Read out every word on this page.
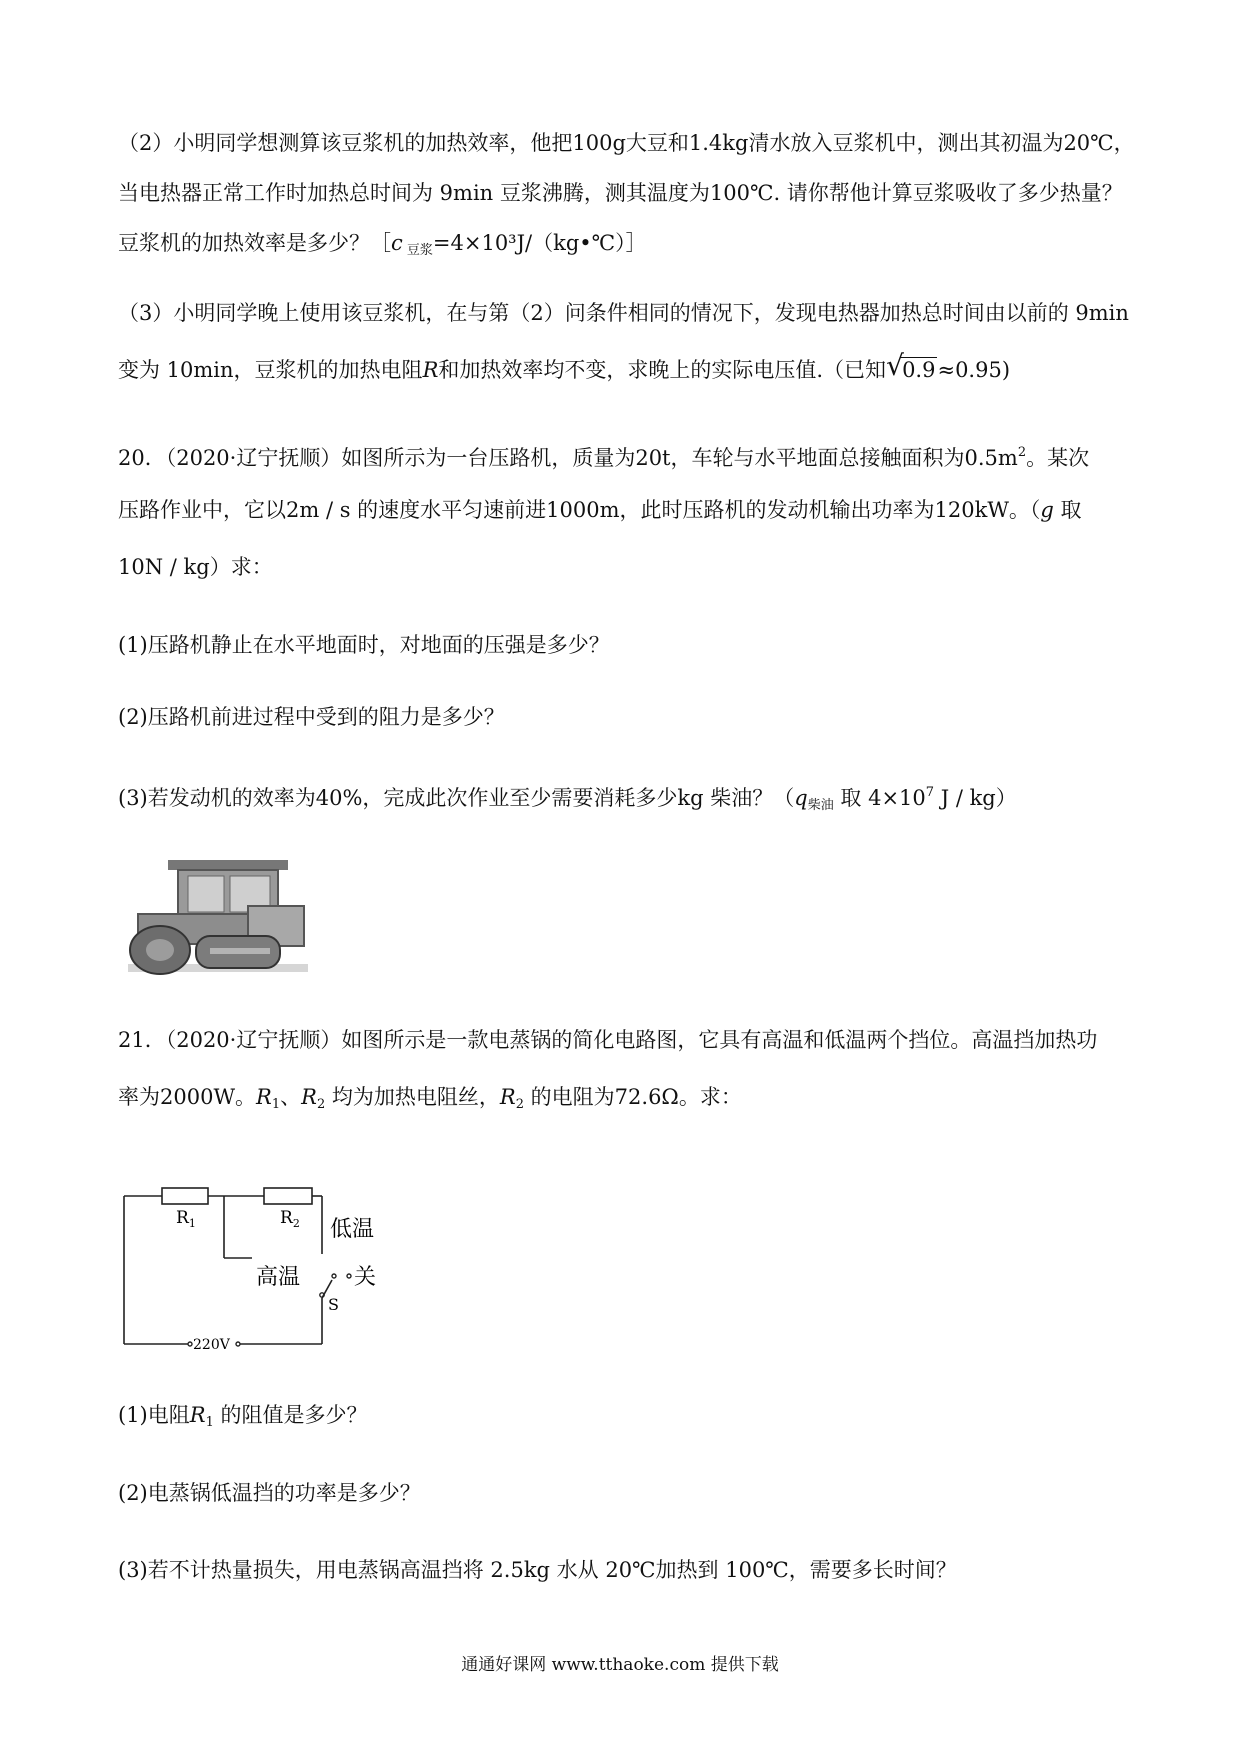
（2）小明同学想测算该豆浆机的加热效率，他把100g大豆和1.4kg清水放入豆浆机中，测出其初温为20℃，
当电热器正常工作时加热总时间为 9min 豆浆沸腾，测其温度为100℃. 请你帮他计算豆浆吸收了多少热量？
豆浆机的加热效率是多少？［c $_{豆浆}$=4×10³J/（kg•℃）］
（3）小明同学晚上使用该豆浆机，在与第（2）问条件相同的情况下，发现电热器加热总时间由以前的 9min
变为 10min，豆浆机的加热电阻R和加热效率均不变，求晚上的实际电压值.（已知 √
0.9≈0.95)
20．（2020·辽宁抚顺）如图所示为一台压路机，质量为20t，车轮与水平地面总接触面积为$0.5m^2$。某次
压路作业中，它以2m / s 的速度水平匀速前进1000m，此时压路机的发动机输出功率为120kW。（g 取
10N / kg）求：
(1)压路机静止在水平地面时，对地面的压强是多少？
(2)压路机前进过程中受到的阻力是多少？
(3)若发动机的效率为40%，完成此次作业至少需要消耗多少kg 柴油？（$q_{柴油}$ 取 $4\times 10^7$ J / kg）
21．（2020·辽宁抚顺）如图所示是一款电蒸锅的简化电路图，它具有高温和低温两个挡位。高温挡加热功
率为2000W。$R_1$、$R_2$ 均为加热电阻丝，$R_2$ 的电阻为72.6Ω。求：
$R_1$	$R_2$ 低温
高温 关
S
220V
(1)电阻$R_1$ 的阻值是多少？
(2)电蒸锅低温挡的功率是多少？
(3)若不计热量损失，用电蒸锅高温挡将 2.5kg 水从 20℃加热到 100℃，需要多长时间？
通通好课网 www.tthaoke.com 提供下载
